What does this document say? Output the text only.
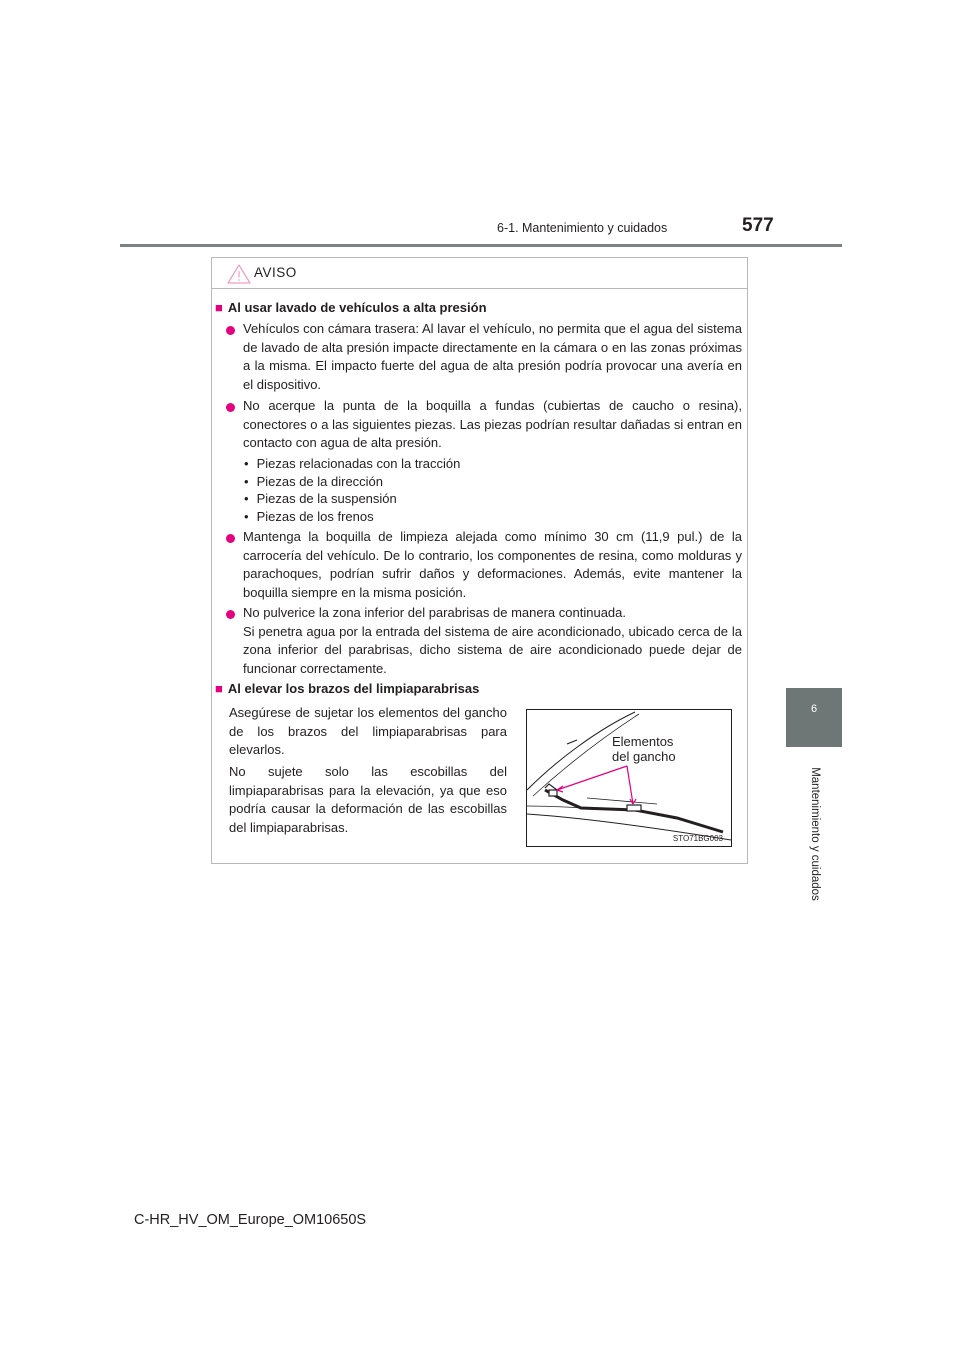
6-1. Mantenimiento y cuidados	577
6
Mantenimiento y cuidados
AVISO
■ Al usar lavado de vehículos a alta presión
Vehículos con cámara trasera: Al lavar el vehículo, no permita que el agua del sistema de lavado de alta presión impacte directamente en la cámara o en las zonas próximas a la misma. El impacto fuerte del agua de alta presión podría provocar una avería en el dispositivo.
No acerque la punta de la boquilla a fundas (cubiertas de caucho o resina), conectores o a las siguientes piezas. Las piezas podrían resultar dañadas si entran en contacto con agua de alta presión.
• Piezas relacionadas con la tracción
• Piezas de la dirección
• Piezas de la suspensión
• Piezas de los frenos
Mantenga la boquilla de limpieza alejada como mínimo 30 cm (11,9 pul.) de la carrocería del vehículo. De lo contrario, los componentes de resina, como molduras y parachoques, podrían sufrir daños y deformaciones. Además, evite mantener la boquilla siempre en la misma posición.
No pulverice la zona inferior del parabrisas de manera continuada.
Si penetra agua por la entrada del sistema de aire acondicionado, ubicado cerca de la zona inferior del parabrisas, dicho sistema de aire acondicionado puede dejar de funcionar correctamente.
■ Al elevar los brazos del limpiaparabrisas
Asegúrese de sujetar los elementos del gancho de los brazos del limpiaparabrisas para elevarlos.
No sujete solo las escobillas del limpiaparabrisas para la elevación, ya que eso podría causar la deformación de las escobillas del limpiaparabrisas.
Elementos
del gancho
STO71BG003
C-HR_HV_OM_Europe_OM10650S
